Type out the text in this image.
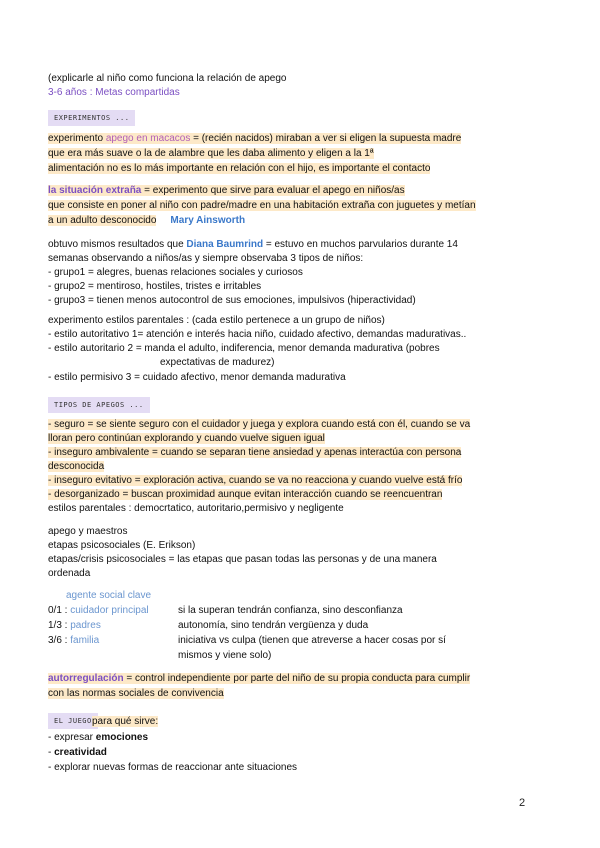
(explicarle al niño como funciona la relación de apego
3-6 años : Metas compartidas
EXPERIMENTOS ...
experimento apego en macacos = (recién nacidos) miraban a ver si eligen la supuesta madre
que era más suave o la de alambre que les daba alimento y eligen a la 1ª
alimentación no es lo más importante en relación con el hijo, es importante el contacto
la situación extraña = experimento que sirve para evaluar el apego en niños/as
que consiste en poner al niño con padre/madre en una habitación extraña con juguetes y metían
a un adulto desconocido Mary Ainsworth
obtuvo mismos resultados que Diana Baumrind = estuvo en muchos parvularios durante 14
semanas observando a niños/as y siempre observaba 3 tipos de niños:
- grupo1 = alegres, buenas relaciones sociales y curiosos
- grupo2 = mentiroso, hostiles, tristes e irritables
- grupo3 = tienen menos autocontrol de sus emociones, impulsivos (hiperactividad)
experimento estilos parentales : (cada estilo pertenece a un grupo de niños)
- estilo autoritativo 1= atención e interés hacia niño, cuidado afectivo, demandas madurativas..
- estilo autoritario 2 = manda el adulto, indiferencia, menor demanda madurativa (pobres
expectativas de madurez)
- estilo permisivo 3 = cuidado afectivo, menor demanda madurativa
TIPOS DE APEGOS ...
- seguro = se siente seguro con el cuidador y juega y explora cuando está con él, cuando se va
lloran pero continúan explorando y cuando vuelve siguen igual
- inseguro ambivalente = cuando se separan tiene ansiedad y apenas interactúa con persona
desconocida
- inseguro evitativo = exploración activa, cuando se va no reacciona y cuando vuelve está frío
- desorganizado = buscan proximidad aunque evitan interacción cuando se reencuentran
estilos parentales : democrtatico, autoritario,permisivo y negligente
apego y maestros
etapas psicosociales (E. Erikson)
etapas/crisis psicosociales = las etapas que pasan todas las personas y de una manera
ordenada
agente social clave
0/1 : cuidador principal	si la superan tendrán confianza, sino desconfianza
1/3 : padres	autonomía, sino tendrán vergüenza y duda
3/6 : familia	iniciativa vs culpa (tienen que atreverse a hacer cosas por sí
mismos y viene solo)
autorregulación = control independiente por parte del niño de su propia conducta para cumplir
con las normas sociales de convivencia
EL JUEGO para qué sirve:
- expresar emociones
- creatividad
- explorar nuevas formas de reaccionar ante situaciones
2
